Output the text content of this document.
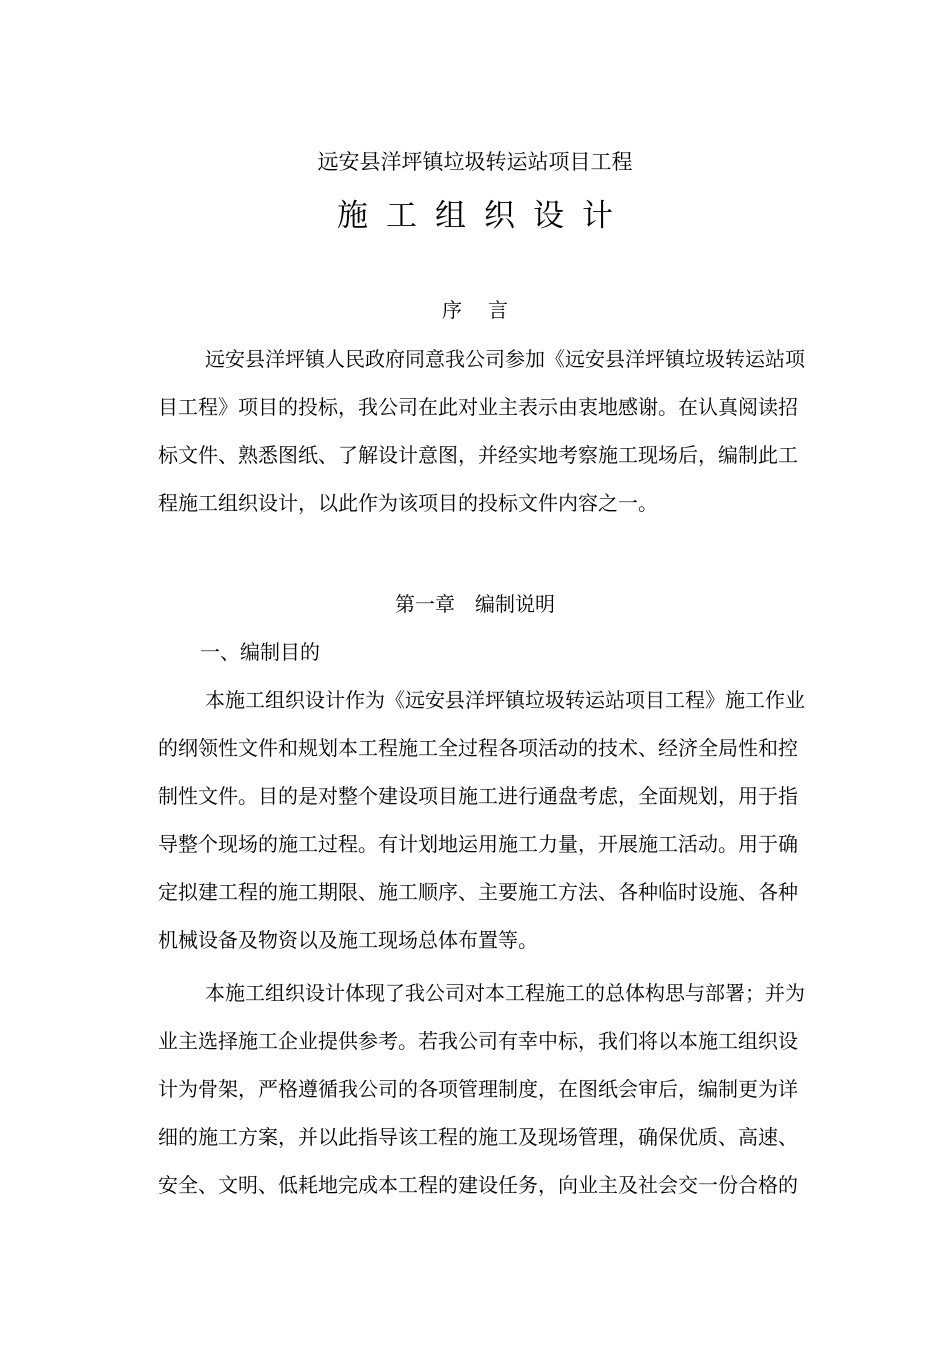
远安县洋坪镇垃圾转运站项目工程
施工组织设计
序言
远安县洋坪镇人民政府同意我公司参加《远安县洋坪镇垃圾转运站项
目工程》项目的投标，我公司在此对业主表示由衷地感谢。在认真阅读招
标文件、熟悉图纸、了解设计意图，并经实地考察施工现场后，编制此工
程施工组织设计，以此作为该项目的投标文件内容之一。
第一章　编制说明
一、编制目的
本施工组织设计作为《远安县洋坪镇垃圾转运站项目工程》施工作业
的纲领性文件和规划本工程施工全过程各项活动的技术、经济全局性和控
制性文件。目的是对整个建设项目施工进行通盘考虑，全面规划，用于指
导整个现场的施工过程。有计划地运用施工力量，开展施工活动。用于确
定拟建工程的施工期限、施工顺序、主要施工方法、各种临时设施、各种
机械设备及物资以及施工现场总体布置等。
本施工组织设计体现了我公司对本工程施工的总体构思与部署；并为
业主选择施工企业提供参考。若我公司有幸中标，我们将以本施工组织设
计为骨架，严格遵循我公司的各项管理制度，在图纸会审后，编制更为详
细的施工方案，并以此指导该工程的施工及现场管理，确保优质、高速、
安全、文明、低耗地完成本工程的建设任务，向业主及社会交一份合格的
